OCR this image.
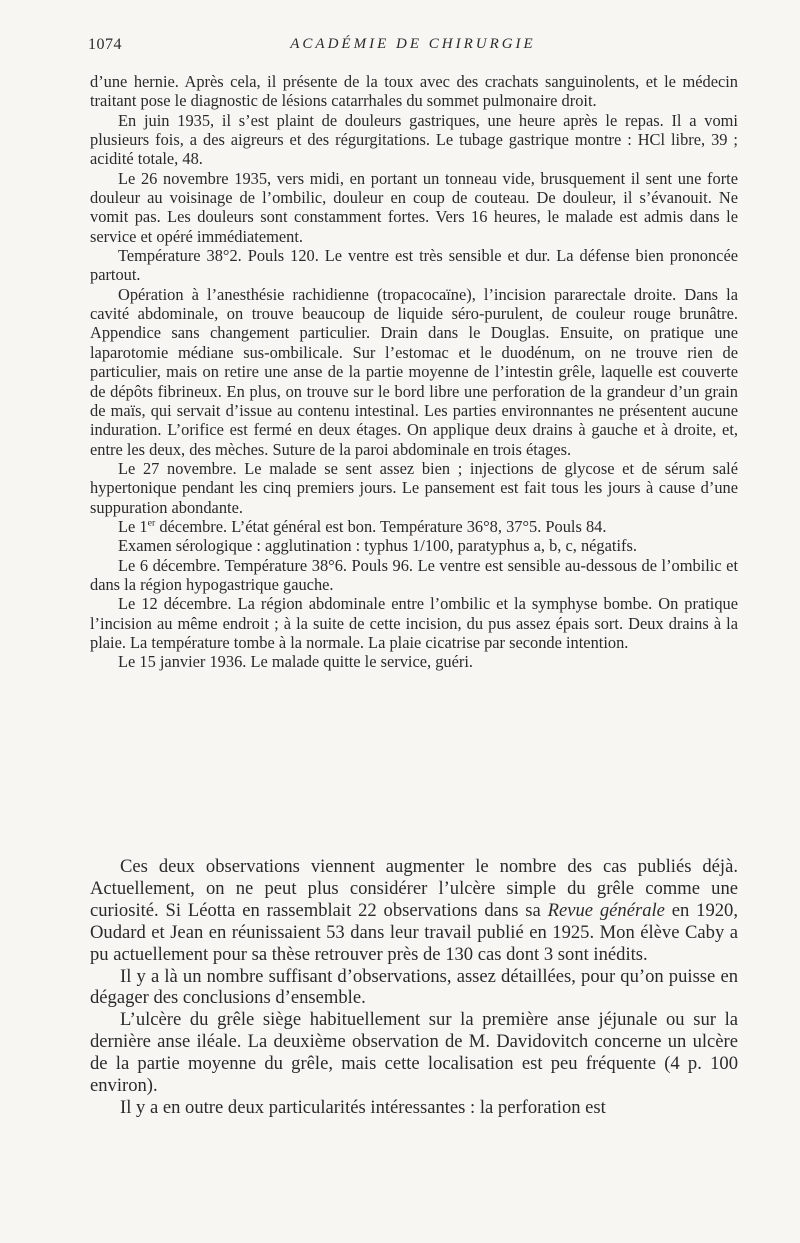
1074	ACADÉMIE DE CHIRURGIE

d’une hernie. Après cela, il présente de la toux avec des crachats sanguinolents, et le médecin traitant pose le diagnostic de lésions catarrhales du sommet pulmonaire droit.

En juin 1935, il s’est plaint de douleurs gastriques, une heure après le repas. Il a vomi plusieurs fois, a des aigreurs et des régurgitations. Le tubage gastrique montre : HCl libre, 39 ; acidité totale, 48.

Le 26 novembre 1935, vers midi, en portant un tonneau vide, brusquement il sent une forte douleur au voisinage de l’ombilic, douleur en coup de couteau. De douleur, il s’évanouit. Ne vomit pas. Les douleurs sont constamment fortes. Vers 16 heures, le malade est admis dans le service et opéré immédiatement.

Température 38°2. Pouls 120. Le ventre est très sensible et dur. La défense bien prononcée partout.

Opération à l’anesthésie rachidienne (tropacocaïne), l’incision pararectale droite. Dans la cavité abdominale, on trouve beaucoup de liquide séro-purulent, de couleur rouge brunâtre. Appendice sans changement particulier. Drain dans le Douglas. Ensuite, on pratique une laparotomie médiane sus-ombilicale. Sur l’estomac et le duodénum, on ne trouve rien de particulier, mais on retire une anse de la partie moyenne de l’intestin grêle, laquelle est couverte de dépôts fibrineux. En plus, on trouve sur le bord libre une perforation de la grandeur d’un grain de maïs, qui servait d’issue au contenu intestinal. Les parties environnantes ne présentent aucune induration. L’orifice est fermé en deux étages. On applique deux drains à gauche et à droite, et, entre les deux, des mèches. Suture de la paroi abdominale en trois étages.

Le 27 novembre. Le malade se sent assez bien ; injections de glycose et de sérum salé hypertonique pendant les cinq premiers jours. Le pansement est fait tous les jours à cause d’une suppuration abondante.

Le 1er décembre. L’état général est bon. Température 36°8, 37°5. Pouls 84.

Examen sérologique : agglutination : typhus 1/100, paratyphus a, b, c, négatifs.

Le 6 décembre. Température 38°6. Pouls 96. Le ventre est sensible au-dessous de l’ombilic et dans la région hypogastrique gauche.

Le 12 décembre. La région abdominale entre l’ombilic et la symphyse bombe. On pratique l’incision au même endroit ; à la suite de cette incision, du pus assez épais sort. Deux drains à la plaie. La température tombe à la normale. La plaie cicatrise par seconde intention.

Le 15 janvier 1936. Le malade quitte le service, guéri.

Ces deux observations viennent augmenter le nombre des cas publiés déjà. Actuellement, on ne peut plus considérer l’ulcère simple du grêle comme une curiosité. Si Léotta en rassemblait 22 observations dans sa Revue générale en 1920, Oudard et Jean en réunissaient 53 dans leur travail publié en 1925. Mon élève Caby a pu actuellement pour sa thèse retrouver près de 130 cas dont 3 sont inédits.

Il y a là un nombre suffisant d’observations, assez détaillées, pour qu’on puisse en dégager des conclusions d’ensemble.

L’ulcère du grêle siège habituellement sur la première anse jéjunale ou sur la dernière anse iléale. La deuxième observation de M. Davidovitch concerne un ulcère de la partie moyenne du grêle, mais cette localisation est peu fréquente (4 p. 100 environ).

Il y a en outre deux particularités intéressantes : la perforation est
